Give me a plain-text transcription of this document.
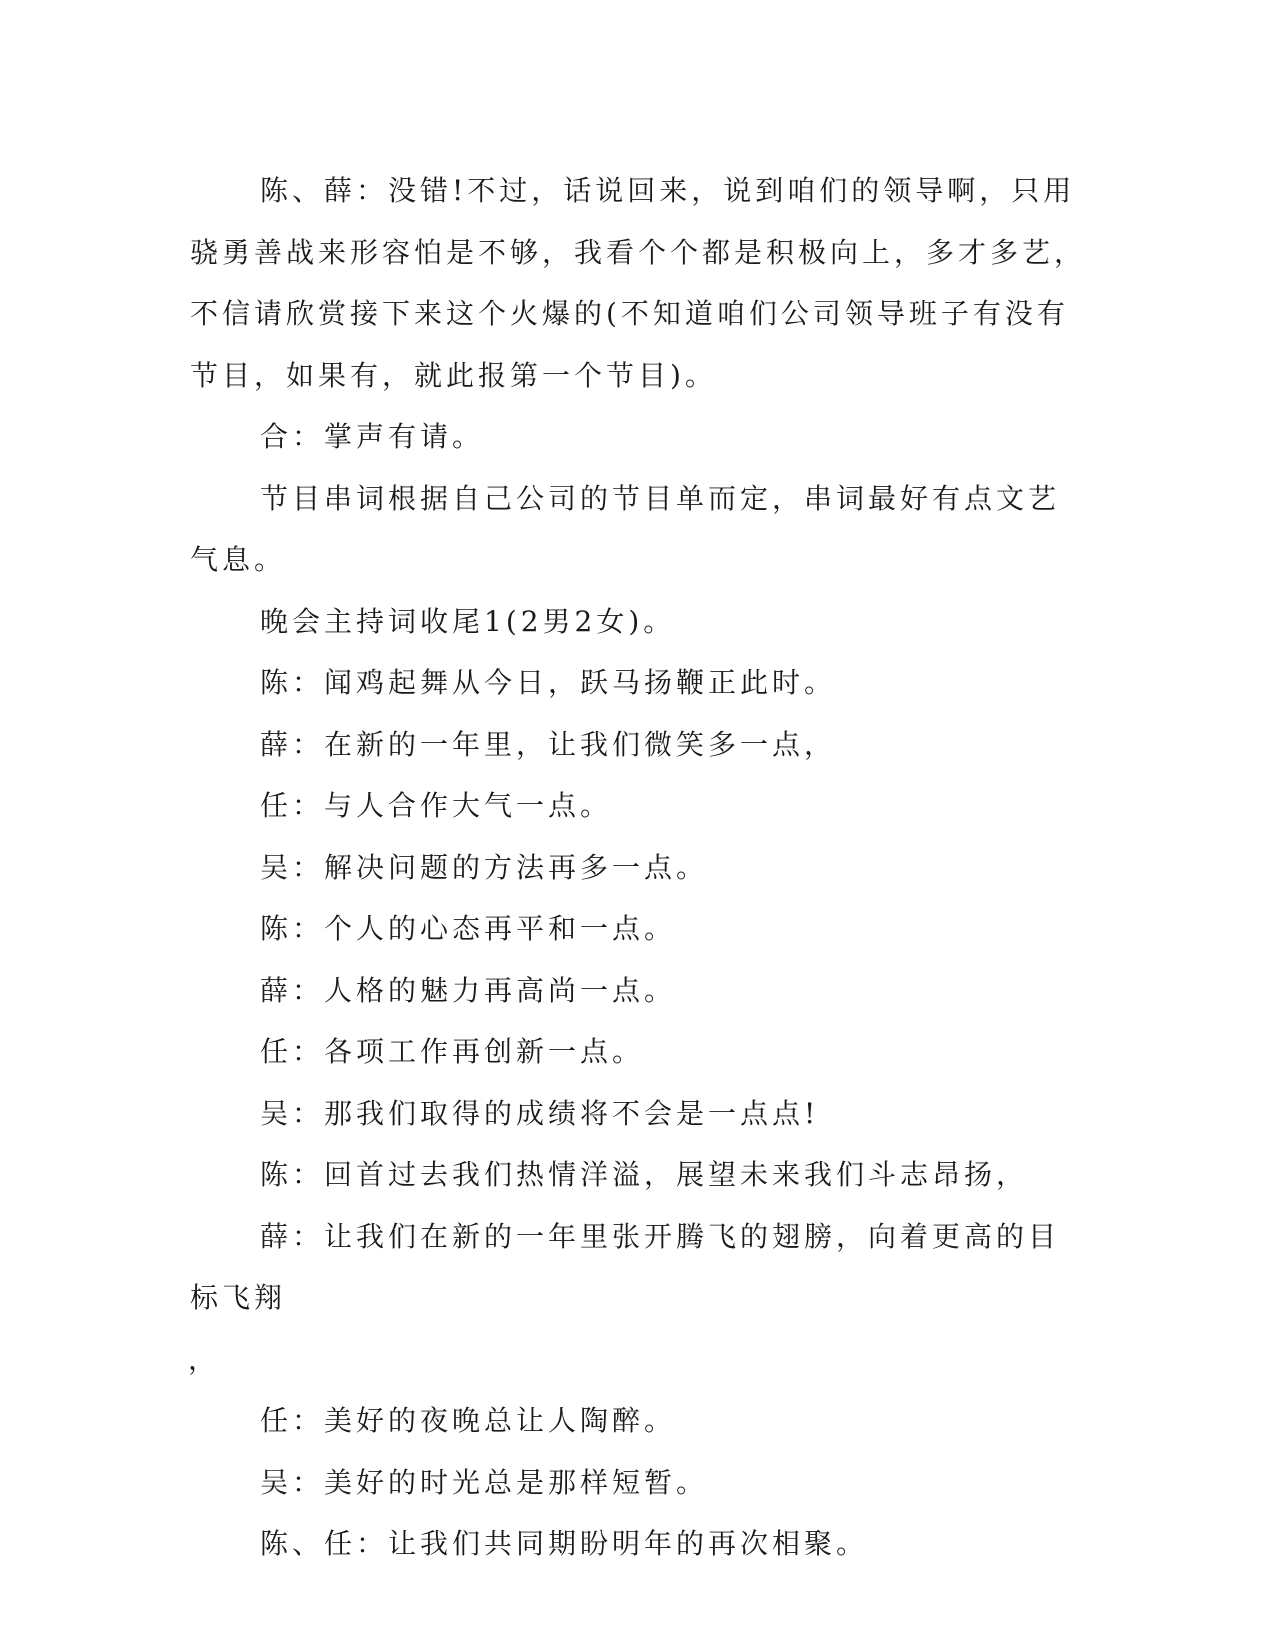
陈、薛：没错!不过，话说回来，说到咱们的领导啊，只用骁勇善战来形容怕是不够，我看个个都是积极向上，多才多艺，不信请欣赏接下来这个火爆的(不知道咱们公司领导班子有没有节目，如果有，就此报第一个节目)。

合：掌声有请。

节目串词根据自己公司的节目单而定，串词最好有点文艺气息。

晚会主持词收尾1(2男2女)。

陈：闻鸡起舞从今日，跃马扬鞭正此时。

薛：在新的一年里，让我们微笑多一点，

任：与人合作大气一点。

吴：解决问题的方法再多一点。

陈：个人的心态再平和一点。

薛：人格的魅力再高尚一点。

任：各项工作再创新一点。

吴：那我们取得的成绩将不会是一点点!

陈：回首过去我们热情洋溢，展望未来我们斗志昂扬，

薛：让我们在新的一年里张开腾飞的翅膀，向着更高的目标飞翔

，

任：美好的夜晚总让人陶醉。

吴：美好的时光总是那样短暂。

陈、任：让我们共同期盼明年的再次相聚。
